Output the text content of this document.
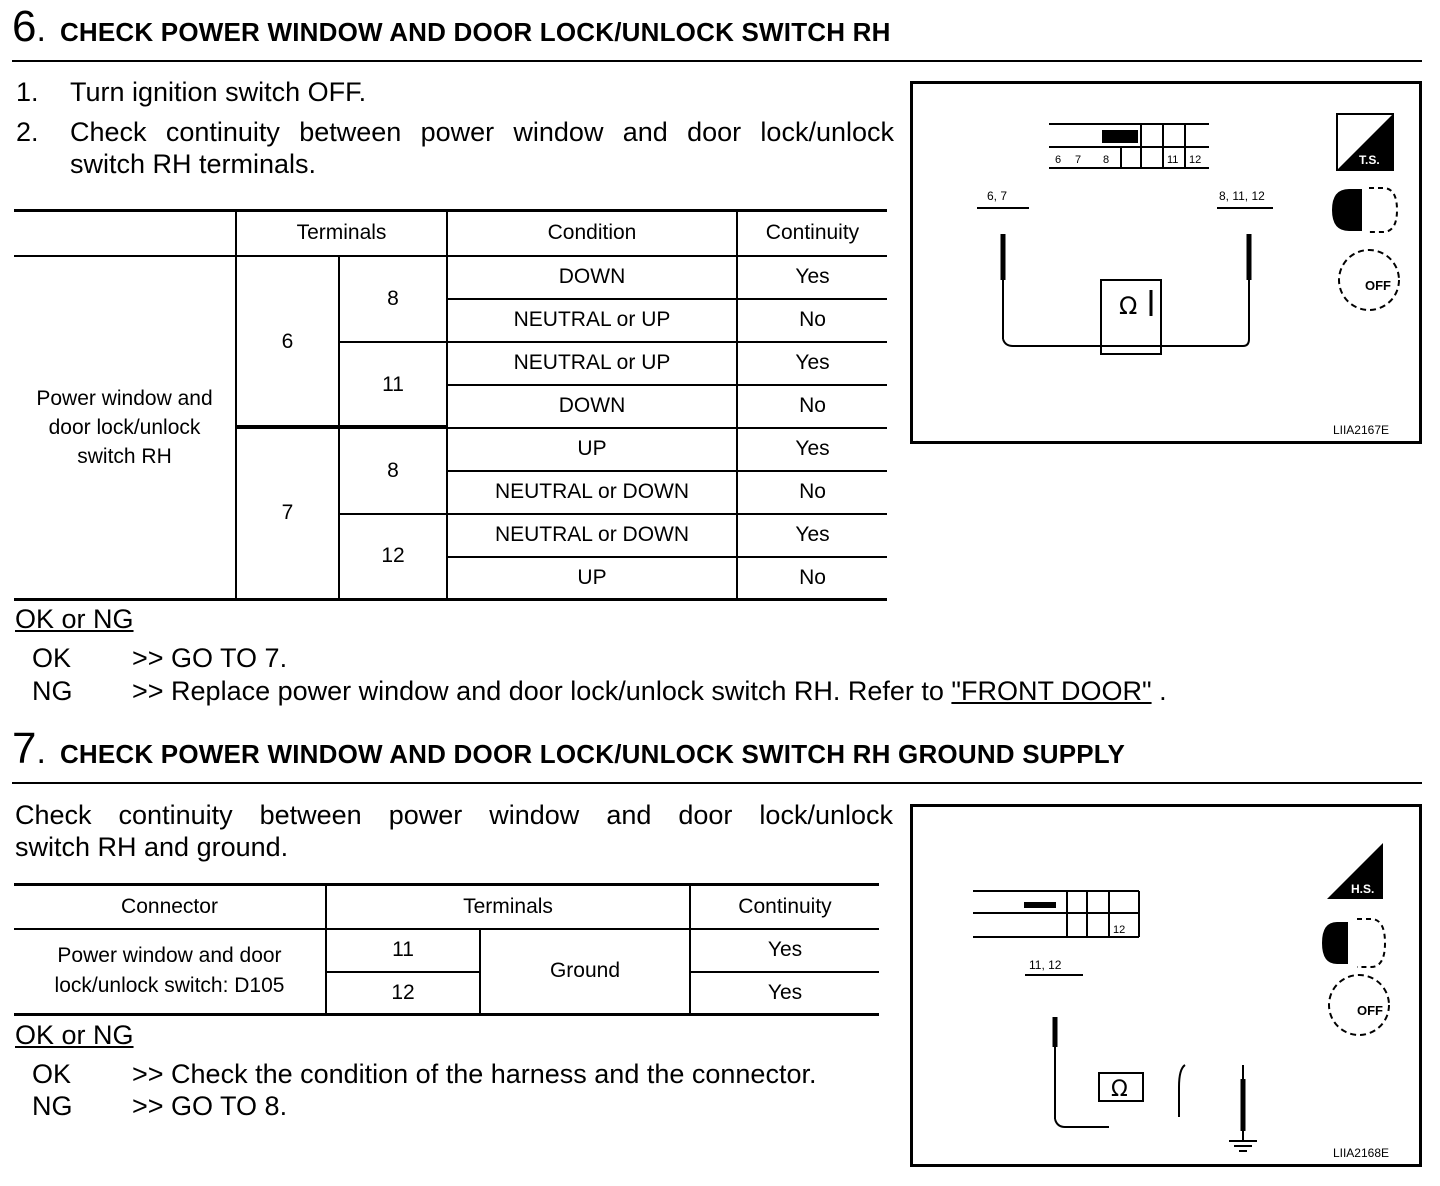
6 . CHECK POWER WINDOW AND DOOR LOCK/UNLOCK SWITCH RH
1. Turn ignition switch OFF.
2.	Check continuity between power window and door lock/unlock
switch RH terminals.
	Terminals		Condition	Continuity

Power window and
door lock/unlock
switch RH	6	8	DOWN	Yes
			NEUTRAL or UP	No
		11	NEUTRAL or UP	Yes
			DOWN	No
	7	8	UP	Yes
			NEUTRAL or DOWN	No
		12	NEUTRAL or DOWN	Yes
			UP	No
OK or NG
OK >> GO TO 7.
NG >> Replace power window and door lock/unlock switch RH. Refer to "FRONT DOOR" .
6 7 8	11 12
6, 7	8, 11, 12
Ω
T.S.
OFF
LIIA2167E
7 . CHECK POWER WINDOW AND DOOR LOCK/UNLOCK SWITCH RH GROUND SUPPLY
Check continuity between power window and door lock/unlock
switch RH and ground.
Connector	Terminals		Continuity

Power window and door
lock/unlock switch: D105	11	Ground	Yes
	12		Yes
OK or NG
OK >> Check the condition of the harness and the connector.
NG >> GO TO 8.
12
11, 12
Ω
H.S.
OFF
LIIA2168E
